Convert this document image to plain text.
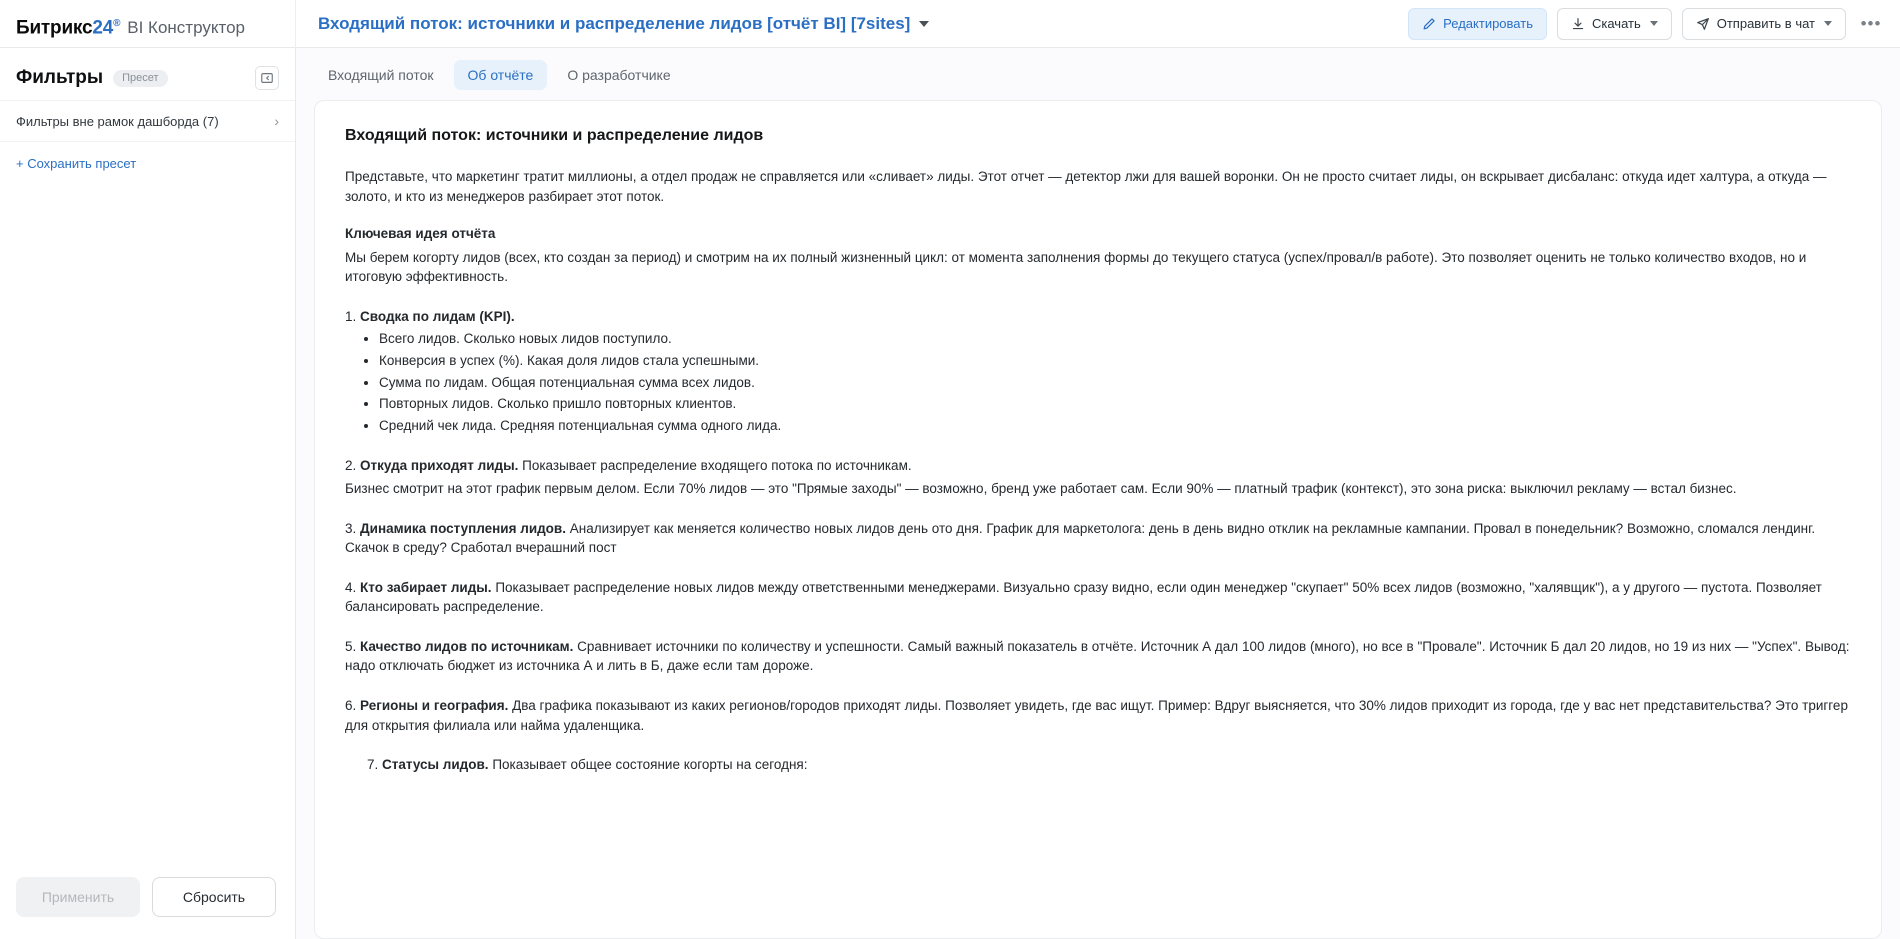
Битрикс24® BI Конструктор	Входящий поток: источники и распределение лидов [отчёт BI] [7sites]	Редактировать	Скачать	Отправить в чат	•••
Фильтры	Пресет
Фильтры вне рамок дашборда (7)	›
+ Сохранить пресет
Применить	Сбросить
Входящий поток	Об отчёте	О разработчике
Входящий поток: источники и распределение лидов

Представьте, что маркетинг тратит миллионы, а отдел продаж не справляется или «сливает» лиды. Этот отчет — детектор лжи для вашей воронки. Он не просто считает лиды, он вскрывает дисбаланс: откуда идет халтура, а откуда — золото, и кто из менеджеров разбирает этот поток.

Ключевая идея отчёта

Мы берем когорту лидов (всех, кто создан за период) и смотрим на их полный жизненный цикл: от момента заполнения формы до текущего статуса (успех/провал/в работе). Это позволяет оценить не только количество входов, но и итоговую эффективность.

1. Сводка по лидам (KPI).

• Всего лидов. Сколько новых лидов поступило.
• Конверсия в успех (%). Какая доля лидов стала успешными.
• Сумма по лидам. Общая потенциальная сумма всех лидов.
• Повторных лидов. Сколько пришло повторных клиентов.
• Средний чек лида. Средняя потенциальная сумма одного лида.

2. Откуда приходят лиды. Показывает распределение входящего потока по источникам.

Бизнес смотрит на этот график первым делом. Если 70% лидов — это "Прямые заходы" — возможно, бренд уже работает сам. Если 90% — платный трафик (контекст), это зона риска: выключил рекламу — встал бизнес.

3. Динамика поступления лидов. Анализирует как меняется количество новых лидов день ото дня. График для маркетолога: день в день видно отклик на рекламные кампании. Провал в понедельник? Возможно, сломался лендинг. Скачок в среду? Сработал вчерашний пост

4. Кто забирает лиды. Показывает распределение новых лидов между ответственными менеджерами. Визуально сразу видно, если один менеджер "скупает" 50% всех лидов (возможно, "халявщик"), а у другого — пустота. Позволяет балансировать распределение.

5. Качество лидов по источникам. Сравнивает источники по количеству и успешности. Самый важный показатель в отчёте. Источник А дал 100 лидов (много), но все в "Провале". Источник Б дал 20 лидов, но 19 из них — "Успех". Вывод: надо отключать бюджет из источника А и лить в Б, даже если там дороже.

6. Регионы и география. Два графика показывают из каких регионов/городов приходят лиды. Позволяет увидеть, где вас ищут. Пример: Вдруг выясняется, что 30% лидов приходит из города, где у вас нет представительства? Это триггер для открытия филиала или найма удаленщика.

7. Статусы лидов. Показывает общее состояние когорты на сегодня:
